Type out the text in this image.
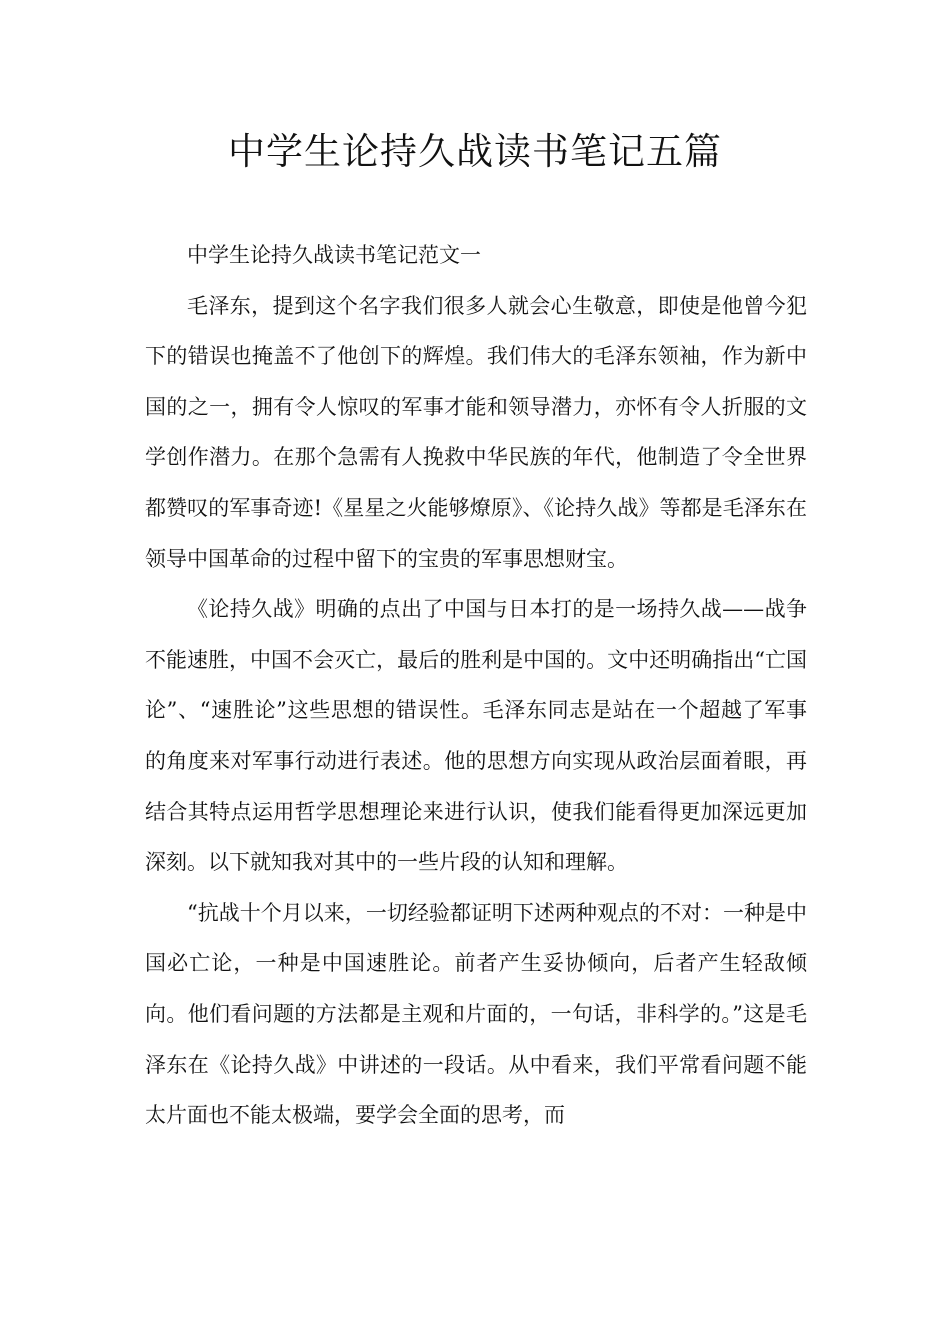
中学生论持久战读书笔记五篇

中学生论持久战读书笔记范文一

毛泽东，提到这个名字我们很多人就会心生敬意，即使是他曾今犯下的错误也掩盖不了他创下的辉煌。我们伟大的毛泽东领袖，作为新中国的之一，拥有令人惊叹的军事才能和领导潜力，亦怀有令人折服的文学创作潜力。在那个急需有人挽救中华民族的年代，他制造了令全世界都赞叹的军事奇迹!《星星之火能够燎原》、《论持久战》等都是毛泽东在领导中国革命的过程中留下的宝贵的军事思想财宝。

《论持久战》明确的点出了中国与日本打的是一场持久战——战争不能速胜，中国不会灭亡，最后的胜利是中国的。文中还明确指出“亡国论”、“速胜论”这些思想的错误性。毛泽东同志是站在一个超越了军事的角度来对军事行动进行表述。他的思想方向实现从政治层面着眼，再结合其特点运用哲学思想理论来进行认识，使我们能看得更加深远更加深刻。以下就知我对其中的一些片段的认知和理解。

“抗战十个月以来，一切经验都证明下述两种观点的不对：一种是中国必亡论，一种是中国速胜论。前者产生妥协倾向，后者产生轻敌倾向。他们看问题的方法都是主观和片面的，一句话，非科学的。”这是毛泽东在《论持久战》中讲述的一段话。从中看来，我们平常看问题不能太片面也不能太极端，要学会全面的思考，而
